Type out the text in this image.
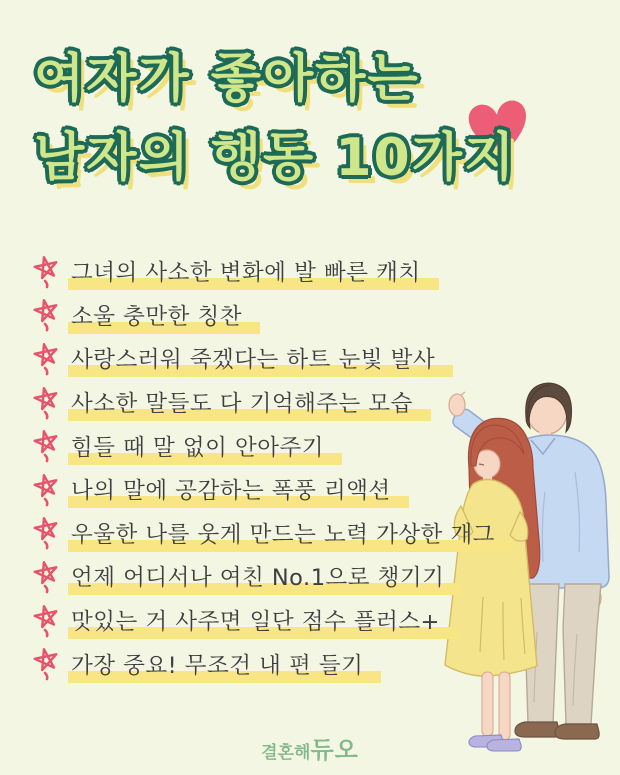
여자가 좋아하는
남자의 행동 10가지
그녀의 사소한 변화에 발 빠른 캐치
소울 충만한 칭찬
사랑스러워 죽겠다는 하트 눈빛 발사
사소한 말들도 다 기억해주는 모습
힘들 때 말 없이 안아주기
나의 말에 공감하는 폭풍 리액션
우울한 나를 웃게 만드는 노력 가상한 개그
언제 어디서나 여친 No.1으로 챙기기
맛있는 거 사주면 일단 점수 플러스+
가장 중요! 무조건 내 편 들기
결혼해듀오
